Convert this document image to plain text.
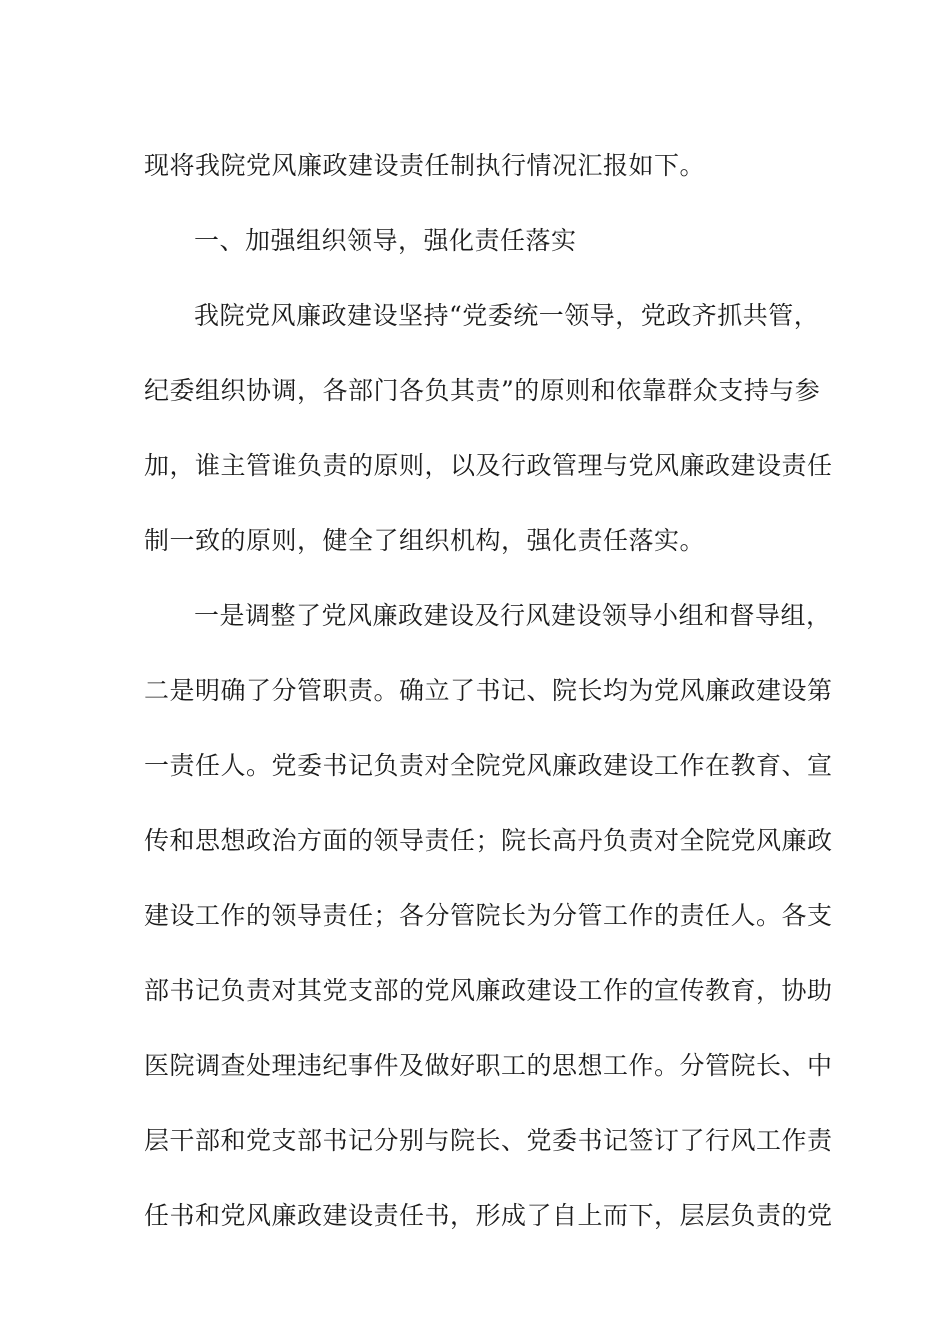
现将我院党风廉政建设责任制执行情况汇报如下。
一、加强组织领导，强化责任落实
我院党风廉政建设坚持“党委统一领导，党政齐抓共管，
纪委组织协调，各部门各负其责”的原则和依靠群众支持与参
加，谁主管谁负责的原则，以及行政管理与党风廉政建设责任
制一致的原则，健全了组织机构，强化责任落实。
一是调整了党风廉政建设及行风建设领导小组和督导组，
二是明确了分管职责。确立了书记、院长均为党风廉政建设第
一责任人。党委书记负责对全院党风廉政建设工作在教育、宣
传和思想政治方面的领导责任；院长高丹负责对全院党风廉政
建设工作的领导责任；各分管院长为分管工作的责任人。各支
部书记负责对其党支部的党风廉政建设工作的宣传教育，协助
医院调查处理违纪事件及做好职工的思想工作。分管院长、中
层干部和党支部书记分别与院长、党委书记签订了行风工作责
任书和党风廉政建设责任书，形成了自上而下，层层负责的党
